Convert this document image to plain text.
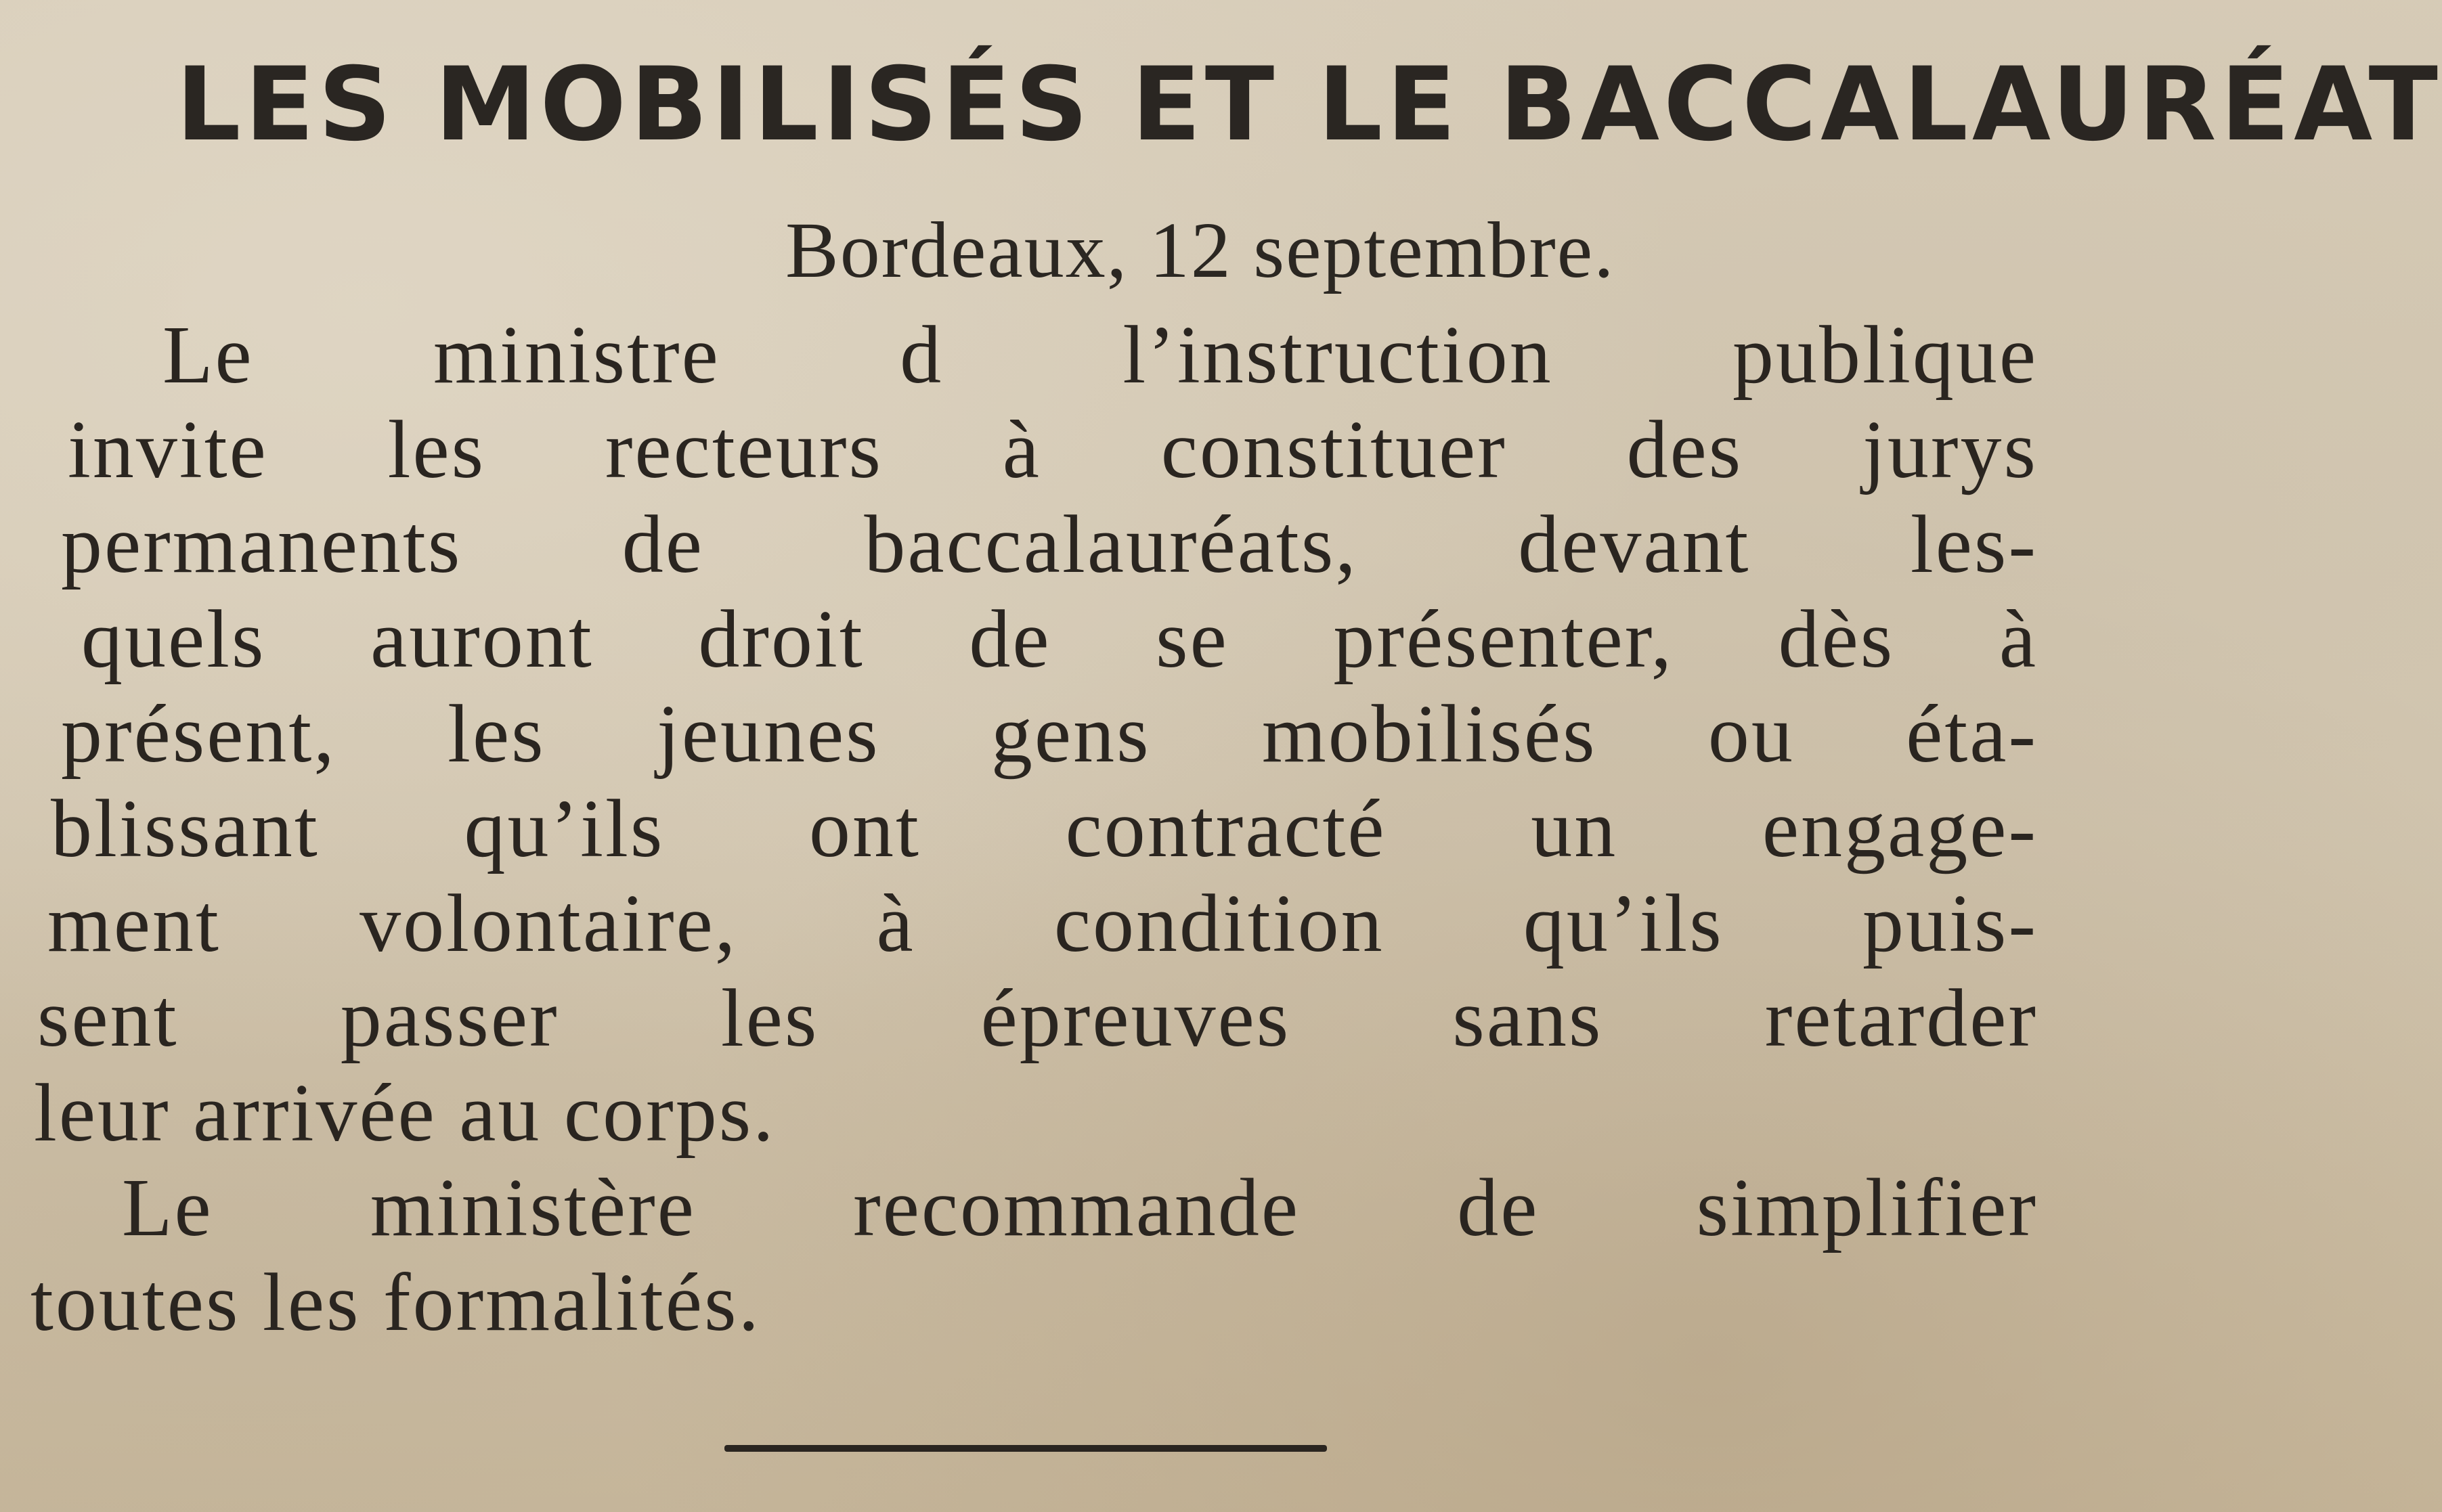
LES MOBILISÉS ET LE BACCALAURÉAT
Bordeaux, 12 septembre.
Le ministre d l’instruction publique
invite les recteurs à constituer des jurys
permanents de baccalauréats, devant les-
quels auront droit de se présenter, dès à
présent, les jeunes gens mobilisés ou éta-
blissant qu’ils ont contracté un engage-
ment volontaire, à condition qu’ils puis-
sent passer les épreuves sans retarder
leur arrivée au corps.
Le ministère recommande de simplifier
toutes les formalités.
